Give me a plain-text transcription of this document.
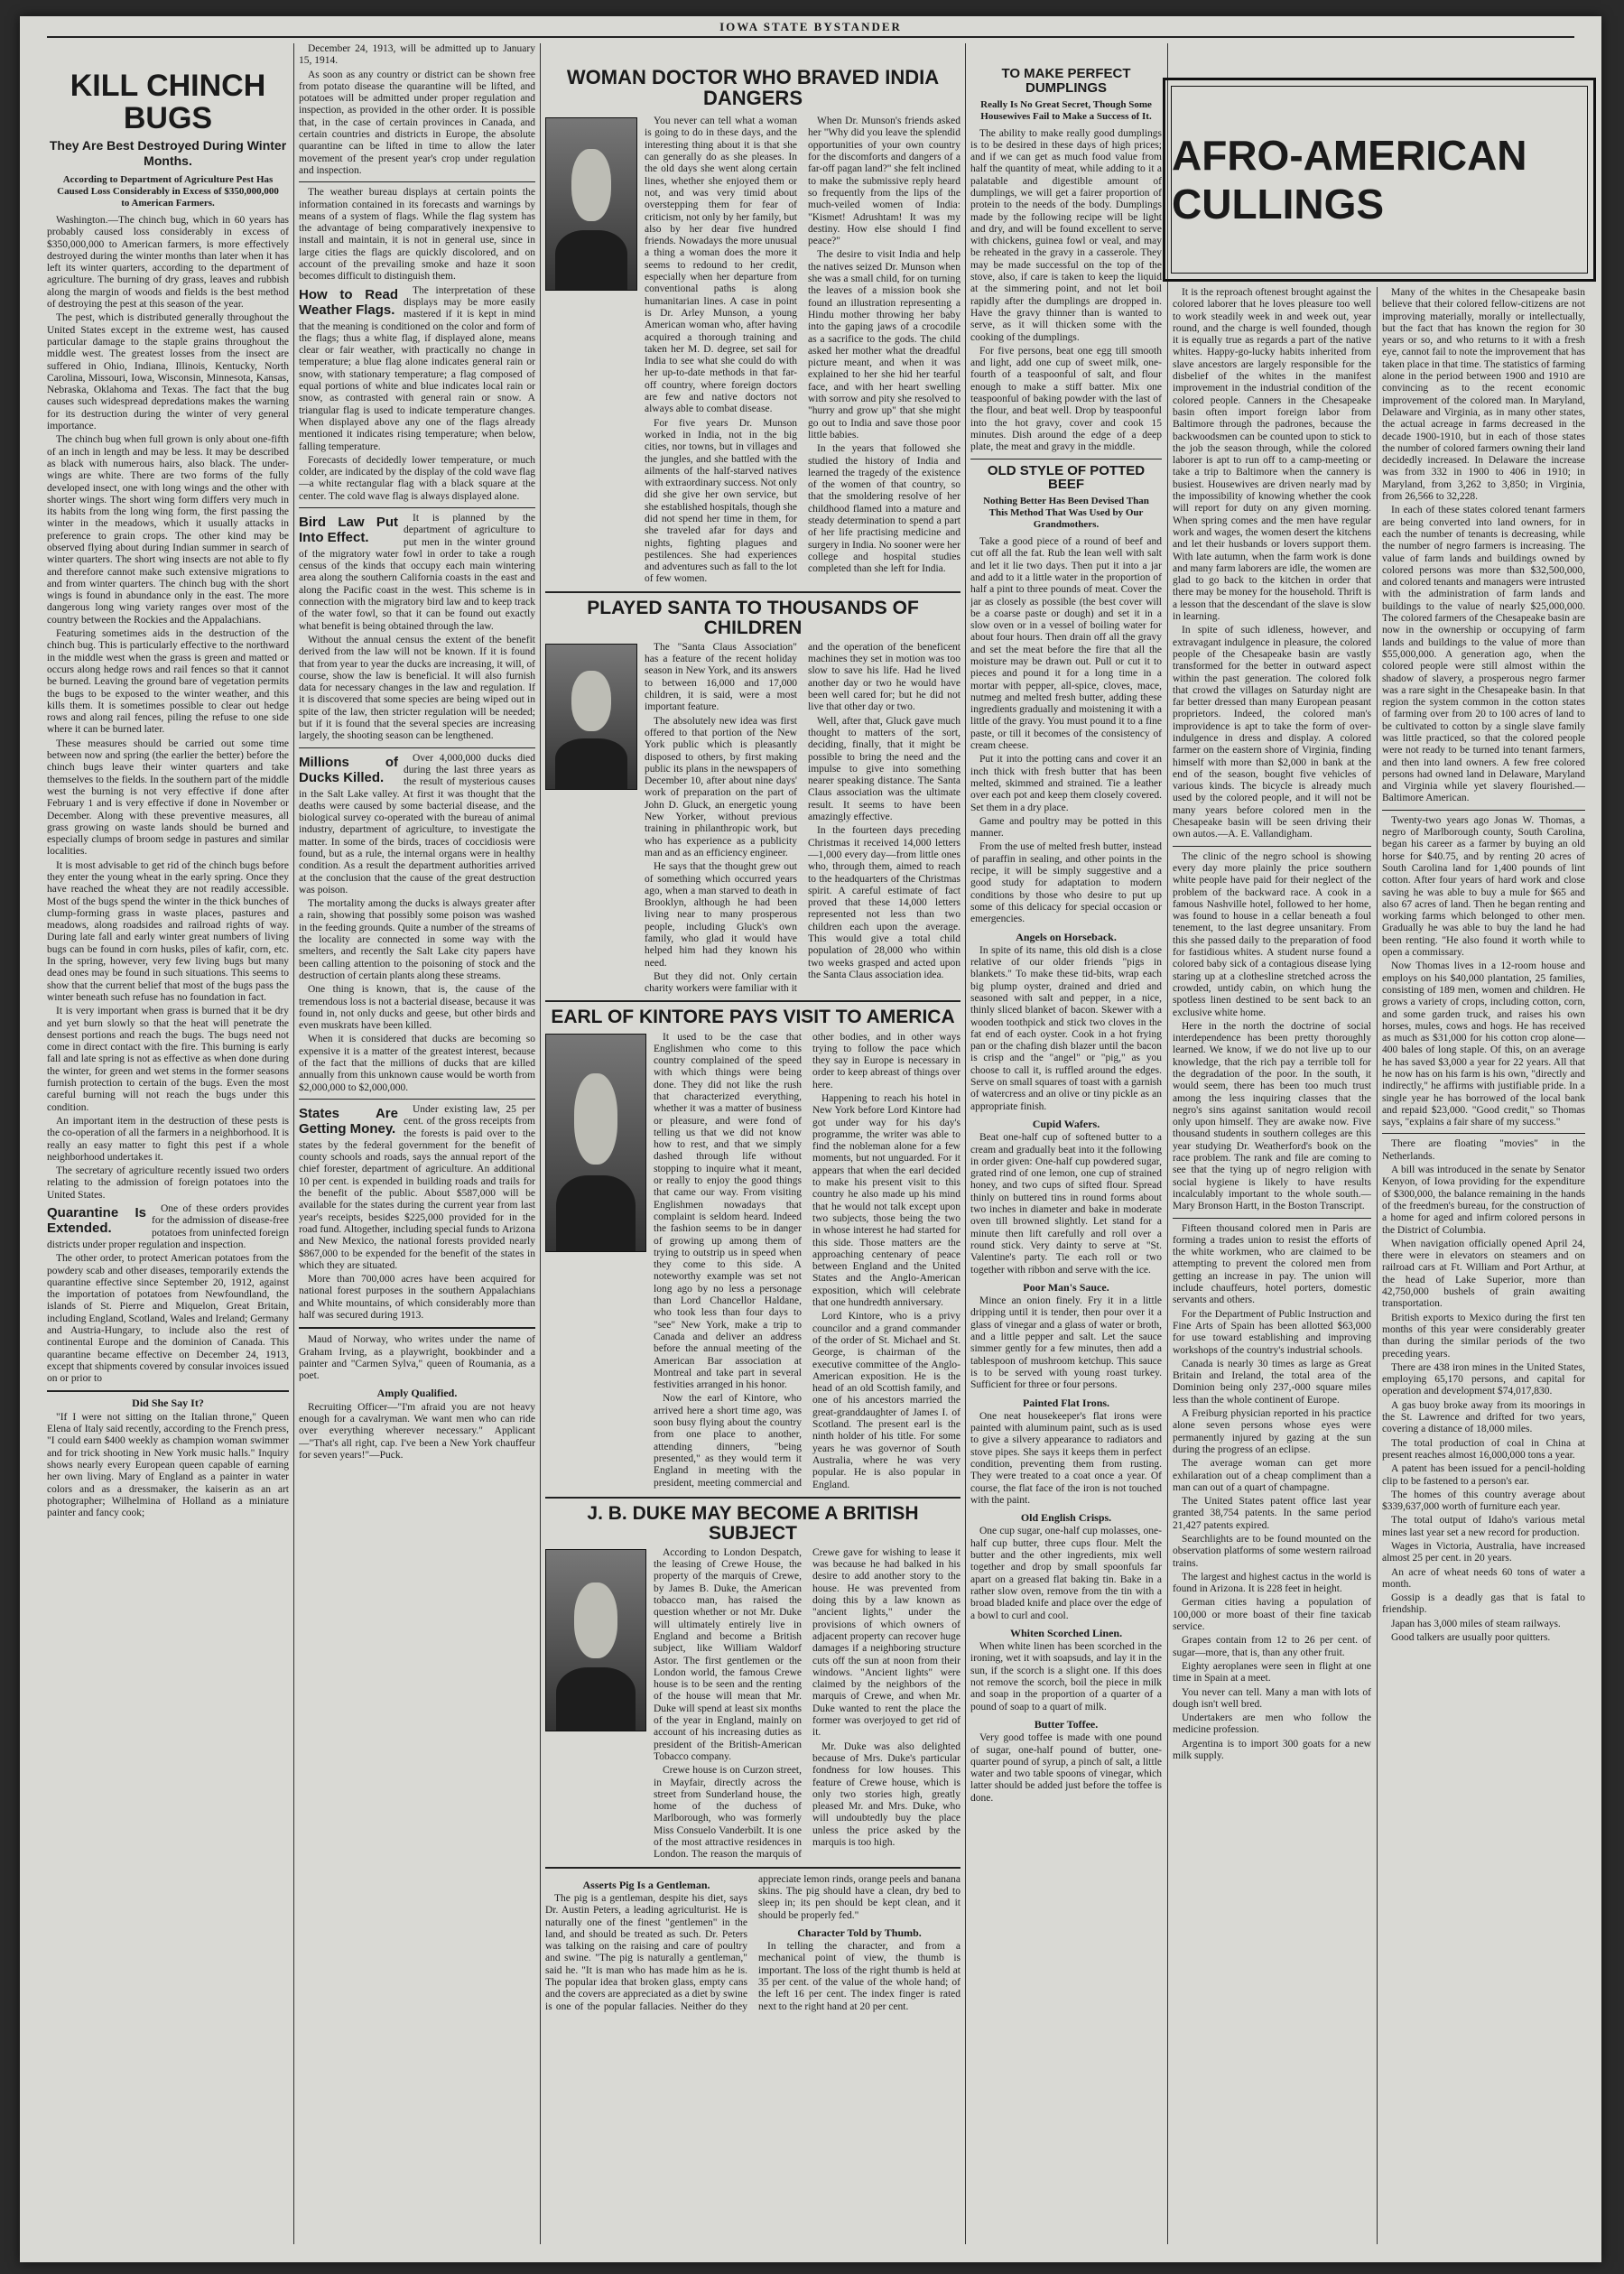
IOWA STATE BYSTANDER
KILL CHINCH BUGS
They Are Best Destroyed During Winter Months.
According to Department of Agriculture Pest Has Caused Loss Considerably in Excess of $350,000,000 to American Farmers.

Washington.—The chinch bug, which in 60 years has probably caused loss considerably in excess of $350,000,000 to American farmers, is more effectively destroyed during the winter months than later when it has left its winter quarters, according to the department of agriculture. The burning of dry grass, leaves and rubbish along the margin of woods and fields is the best method of destroying the pest at this season of the year.

The pest, which is distributed generally throughout the United States except in the extreme west, has caused particular damage to the staple grains throughout the middle west. The greatest losses from the insect are suffered in Ohio, Indiana, Illinois, Kentucky, North Carolina, Missouri, Iowa, Wisconsin, Minnesota, Kansas, Nebraska, Oklahoma and Texas. The fact that the bug causes such widespread depredations makes the warning for its destruction during the winter of very general importance.

The chinch bug when full grown is only about one-fifth of an inch in length and may be less. It may be described as black with numerous hairs, also black. The under-wings are white. There are two forms of the fully developed insect, one with long wings and the other with shorter wings. The short wing form differs very much in its habits from the long wing form, the first passing the winter in the meadows, which it usually attacks in preference to grain crops. The other kind may be observed flying about during Indian summer in search of winter quarters. The short wing insects are not able to fly and therefore cannot make such extensive migrations to and from winter quarters. The chinch bug with the short wings is found in abundance only in the east. The more dangerous long wing variety ranges over most of the country between the Rockies and the Appalachians.

Featuring sometimes aids in the destruction of the chinch bug. This is particularly effective to the northward in the middle west when the grass is green and matted or occurs along hedge rows and rail fences so that it cannot be burned. Leaving the ground bare of vegetation permits the bugs to be exposed to the winter weather, and this kills them. It is sometimes possible to clear out hedge rows and along rail fences, piling the refuse to one side where it can be burned later.

These measures should be carried out some time between now and spring (the earlier the better) before the chinch bugs leave their winter quarters and take themselves to the fields. In the southern part of the middle west the burning is not very effective if done after February 1 and is very effective if done in November or December. Along with these preventive measures, all grass growing on waste lands should be burned and especially clumps of broom sedge in pastures and similar localities.

It is most advisable to get rid of the chinch bugs before they enter the young wheat in the early spring. Once they have reached the wheat they are not readily accessible. Most of the bugs spend the winter in the thick bunches of clump-forming grass in waste places, pastures and meadows, along roadsides and railroad rights of way. During late fall and early winter great numbers of living bugs can be found in corn husks, piles of kafir, corn, etc. In the spring, however, very few living bugs but many dead ones may be found in such situations. This seems to show that the current belief that most of the bugs pass the winter beneath such refuse has no foundation in fact.

It is very important when grass is burned that it be dry and yet burn slowly so that the heat will penetrate the densest portions and reach the bugs. The bugs need not come in direct contact with the fire. This burning is early fall and late spring is not as effective as when done during the winter, for green and wet stems in the former seasons furnish protection to certain of the bugs. Even the most careful burning will not reach the bugs under this condition.

An important item in the destruction of these pests is the co-operation of all the farmers in a neighborhood. It is really an easy matter to fight this pest if a whole neighborhood undertakes it.

The secretary of agriculture recently issued two orders relating to the admission of foreign potatoes into the United States.

Quarantine Is Extended.

One of these orders provides for the admission of disease-free potatoes from uninfected foreign districts under proper regulation and inspection.

The other order, to protect American potatoes from the powdery scab and other diseases, temporarily extends the quarantine effective since September 20, 1912, against the importation of potatoes from Newfoundland, the islands of St. Pierre and Miquelon, Great Britain, including England, Scotland, Wales and Ireland; Germany and Austria-Hungary, to include also the rest of continental Europe and the dominion of Canada. This quarantine became effective on December 24, 1913, except that shipments covered by consular invoices issued on or prior to

Did She Say It?

"If I were not sitting on the Italian throne," Queen Elena of Italy said recently, according to the French press, "I could earn $400 weekly as champion woman swimmer and for trick shooting in New York music halls." Inquiry shows nearly every European queen capable of earning her own living. Mary of England as a painter in water colors and as a dressmaker, the kaiserin as an art photographer; Wilhelmina of Holland as a miniature painter and fancy cook;

December 24, 1913, will be admitted up to January 15, 1914.

As soon as any country or district can be shown free from potato disease the quarantine will be lifted, and potatoes will be admitted under proper regulation and inspection, as provided in the other order. It is possible that, in the case of certain provinces in Canada, and certain countries and districts in Europe, the absolute quarantine can be lifted in time to allow the later movement of the present year's crop under regulation and inspection.

The weather bureau displays at certain points the information contained in its forecasts and warnings by means of a system of flags. While the flag system has the advantage of being comparatively inexpensive to install and maintain, it is not in general use, since in large cities the flags are quickly discolored, and on account of the prevailing smoke and haze it soon becomes difficult to distinguish them.

How to Read Weather Flags.

The interpretation of these displays may be more easily mastered if it is kept in mind that the meaning is conditioned on the color and form of the flags; thus a white flag, if displayed alone, means clear or fair weather, with practically no change in temperature; a blue flag alone indicates general rain or snow, with stationary temperature; a flag composed of equal portions of white and blue indicates local rain or snow, as contrasted with general rain or snow. A triangular flag is used to indicate temperature changes. When displayed above any one of the flags already mentioned it indicates rising temperature; when below, falling temperature.

Forecasts of decidedly lower temperature, or much colder, are indicated by the display of the cold wave flag—a white rectangular flag with a black square at the center. The cold wave flag is always displayed alone.

Bird Law Put Into Effect.

It is planned by the department of agriculture to put men in the winter ground of the migratory water fowl in order to take a rough census of the kinds that occupy each main wintering area along the southern California coasts in the east and along the Pacific coast in the west. This scheme is in connection with the migratory bird law and to keep track of the water fowl, so that it can be found out exactly what benefit is being obtained through the law.

Without the annual census the extent of the benefit derived from the law will not be known. If it is found that from year to year the ducks are increasing, it will, of course, show the law is beneficial. It will also furnish data for necessary changes in the law and regulation. If it is discovered that some species are being wiped out in spite of the law, then stricter regulation will be needed; but if it is found that the several species are increasing largely, the shooting season can be lengthened.

Millions of Ducks Killed.

Over 4,000,000 ducks died during the last three years as the result of mysterious causes in the Salt Lake valley. At first it was thought that the deaths were caused by some bacterial disease, and the biological survey co-operated with the bureau of animal industry, department of agriculture, to investigate the matter. In some of the birds, traces of coccidiosis were found, but as a rule, the internal organs were in healthy condition. As a result the department authorities arrived at the conclusion that the cause of the great destruction was poison.

The mortality among the ducks is always greater after a rain, showing that possibly some poison was washed in the feeding grounds. Quite a number of the streams of the locality are connected in some way with the smelters, and recently the Salt Lake city papers have been calling attention to the poisoning of stock and the destruction of certain plants along these streams.

One thing is known, that is, the cause of the tremendous loss is not a bacterial disease, because it was found in, not only ducks and geese, but other birds and even muskrats have been killed.

When it is considered that ducks are becoming so expensive it is a matter of the greatest interest, because of the fact that the millions of ducks that are killed annually from this unknown cause would be worth from $2,000,000 to $2,000,000.

States Are Getting Money.

Under existing law, 25 per cent. of the gross receipts from the forests is paid over to the states by the federal government for the benefit of county schools and roads, says the annual report of the chief forester, department of agriculture. An additional 10 per cent. is expended in building roads and trails for the benefit of the public. About $587,000 will be available for the states during the current year from last year's receipts, besides $225,000 provided for in the road fund. Altogether, including special funds to Arizona and New Mexico, the national forests provided nearly $867,000 to be expended for the benefit of the states in which they are situated.

More than 700,000 acres have been acquired for national forest purposes in the southern Appalachians and White mountains, of which considerably more than half was secured during 1913.

Maud of Norway, who writes under the name of Graham Irving, as a playwright, bookbinder and a painter and "Carmen Sylva," queen of Roumania, as a poet.

Amply Qualified.

Recruiting Officer—"I'm afraid you are not heavy enough for a cavalryman. We want men who can ride over everything wherever necessary." Applicant—"That's all right, cap. I've been a New York chauffeur for seven years!"—Puck.

WOMAN DOCTOR WHO BRAVED INDIA DANGERS

You never can tell what a woman is going to do in these days, and the interesting thing about it is that she can generally do as she pleases. In the old days she went along certain lines, whether she enjoyed them or not, and was very timid about overstepping them for fear of criticism, not only by her family, but also by her dear five hundred friends. Nowadays the more unusual a thing a woman does the more it seems to redound to her credit, especially when her departure from conventional paths is along humanitarian lines. A case in point is Dr. Arley Munson, a young American woman who, after having acquired a thorough training and taken her M. D. degree, set sail for India to see what she could do with her up-to-date methods in that far-off country, where foreign doctors are few and native doctors not always able to combat disease.

For five years Dr. Munson worked in India, not in the big cities, nor towns, but in villages and the jungles, and she battled with the ailments of the half-starved natives with extraordinary success. Not only did she give her own service, but she established hospitals, though she did not spend her time in them, for she traveled afar for days and nights, fighting plagues and pestilences. She had experiences and adventures such as fall to the lot of few women.

When Dr. Munson's friends asked her "Why did you leave the splendid opportunities of your own country for the discomforts and dangers of a far-off pagan land?" she felt inclined to make the submissive reply heard so frequently from the lips of the much-veiled women of India: "Kismet! Adrushtam! It was my destiny. How else should I find peace?"

The desire to visit India and help the natives seized Dr. Munson when she was a small child, for on turning the leaves of a mission book she found an illustration representing a Hindu mother throwing her baby into the gaping jaws of a crocodile as a sacrifice to the gods. The child asked her mother what the dreadful picture meant, and when it was explained to her she hid her tearful face, and with her heart swelling with sorrow and pity she resolved to "hurry and grow up" that she might go out to India and save those poor little babies.

In the years that followed she studied the history of India and learned the tragedy of the existence of the women of that country, so that the smoldering resolve of her childhood flamed into a mature and steady determination to spend a part of her life practising medicine and surgery in India. No sooner were her college and hospital studies completed than she left for India.

PLAYED SANTA TO THOUSANDS OF CHILDREN

The "Santa Claus Association" has a feature of the recent holiday season in New York, and its answers to between 16,000 and 17,000 children, it is said, were a most important feature.

The absolutely new idea was first offered to that portion of the New York public which is pleasantly disposed to others, by first making public its plans in the newspapers of December 10, after about nine days' work of preparation on the part of John D. Gluck, an energetic young New Yorker, without previous training in philanthropic work, but who has experience as a publicity man and as an efficiency engineer.

He says that the thought grew out of something which occurred years ago, when a man starved to death in Brooklyn, although he had been living near to many prosperous people, including Gluck's own family, who glad it would have helped him had they known his need.

But they did not. Only certain charity workers were familiar with it and the operation of the beneficent machines they set in motion was too slow to save his life. Had he lived another day or two he would have been well cared for; but he did not live that other day or two.

Well, after that, Gluck gave much thought to matters of the sort, deciding, finally, that it might be possible to bring the need and the impulse to give into something nearer speaking distance. The Santa Claus association was the ultimate result. It seems to have been amazingly effective.

In the fourteen days preceding Christmas it received 14,000 letters—1,000 every day—from little ones who, through them, aimed to reach to the headquarters of the Christmas spirit. A careful estimate of fact proved that these 14,000 letters represented not less than two children each upon the average. This would give a total child population of 28,000 who within two weeks grasped and acted upon the Santa Claus association idea.

EARL OF KINTORE PAYS VISIT TO AMERICA

It used to be the case that Englishmen who come to this country complained of the speed with which things were being done. They did not like the rush that characterized everything, whether it was a matter of business or pleasure, and were fond of telling us that we did not know how to rest, and that we simply dashed through life without stopping to inquire what it meant, or really to enjoy the good things that came our way. From visiting Englishmen nowadays that complaint is seldom heard. Indeed the fashion seems to be in danger of growing up among them of trying to outstrip us in speed when they come to this side. A noteworthy example was set not long ago by no less a personage than Lord Chancellor Haldane, who took less than four days to "see" New York, make a trip to Canada and deliver an address before the annual meeting of the American Bar association at Montreal and take part in several festivities arranged in his honor.

Now the earl of Kintore, who arrived here a short time ago, was soon busy flying about the country from one place to another, attending dinners, "being presented," as they would term it England in meeting with the president, meeting commercial and other bodies, and in other ways trying to follow the pace which they say in Europe is necessary in order to keep abreast of things over here.

Happening to reach his hotel in New York before Lord Kintore had got under way for his day's programme, the writer was able to find the nobleman alone for a few moments, but not unguarded. For it appears that when the earl decided to make his present visit to this country he also made up his mind that he would not talk except upon two subjects, those being the two in whose interest he had started for this side. Those matters are the approaching centenary of peace between England and the United States and the Anglo-American exposition, which will celebrate that one hundredth anniversary.

Lord Kintore, who is a privy councilor and a grand commander of the order of St. Michael and St. George, is chairman of the executive committee of the Anglo-American exposition. He is the head of an old Scottish family, and one of his ancestors married the great-granddaughter of James I. of Scotland. The present earl is the ninth holder of his title. For some years he was governor of South Australia, where he was very popular. He is also popular in England.

J. B. DUKE MAY BECOME A BRITISH SUBJECT

According to London Despatch, the leasing of Crewe House, the property of the marquis of Crewe, by James B. Duke, the American tobacco man, has raised the question whether or not Mr. Duke will ultimately entirely live in England and become a British subject, like William Waldorf Astor. The first gentlemen or the London world, the famous Crewe house is to be seen and the renting of the house will mean that Mr. Duke will spend at least six months of the year in England, mainly on account of his increasing duties as president of the British-American Tobacco company.

Crewe house is on Curzon street, in Mayfair, directly across the street from Sunderland house, the home of the duchess of Marlborough, who was formerly Miss Consuelo Vanderbilt. It is one of the most attractive residences in London. The reason the marquis of Crewe gave for wishing to lease it was because he had balked in his desire to add another story to the house. He was prevented from doing this by a law known as "ancient lights," under the provisions of which owners of adjacent property can recover huge damages if a neighboring structure cuts off the sun at noon from their windows. "Ancient lights" were claimed by the neighbors of the marquis of Crewe, and when Mr. Duke wanted to rent the place the former was overjoyed to get rid of it.

Mr. Duke was also delighted because of Mrs. Duke's particular fondness for low houses. This feature of Crewe house, which is only two stories high, greatly pleased Mr. and Mrs. Duke, who will undoubtedly buy the place unless the price asked by the marquis is too high.

Asserts Pig Is a Gentleman.

The pig is a gentleman, despite his diet, says Dr. Austin Peters, a leading agriculturist. He is naturally one of the finest "gentlemen" in the land, and should be treated as such. Dr. Peters was talking on the raising and care of poultry and swine. "The pig is naturally a gentleman," said he. "It is man who has made him as he is. The popular idea that broken glass, empty cans and the covers are appreciated as a diet by swine is one of the popular fallacies. Neither do they appreciate lemon rinds, orange peels and banana skins. The pig should have a clean, dry bed to sleep in; its pen should be kept clean, and it should be properly fed."

Character Told by Thumb.

In telling the character, and from a mechanical point of view, the thumb is important. The loss of the right thumb is held at 35 per cent. of the value of the whole hand; of the left 16 per cent. The index finger is rated next to the right hand at 20 per cent.

TO MAKE PERFECT DUMPLINGS
Really Is No Great Secret, Though Some Housewives Fail to Make a Success of It.

The ability to make really good dumplings is to be desired in these days of high prices; and if we can get as much food value from half the quantity of meat, while adding to it a palatable and digestible amount of dumplings, we will get a fairer proportion of protein to the needs of the body. Dumplings made by the following recipe will be light and dry, and will be found excellent to serve with chickens, guinea fowl or veal, and may be reheated in the gravy in a casserole. They may be made successful on the top of the stove, also, if care is taken to keep the liquid at the simmering point, and not let boil rapidly after the dumplings are dropped in. Have the gravy thinner than is wanted to serve, as it will thicken some with the cooking of the dumplings.

For five persons, beat one egg till smooth and light, add one cup of sweet milk, one-fourth of a teaspoonful of salt, and flour enough to make a stiff batter. Mix one teaspoonful of baking powder with the last of the flour, and beat well. Drop by teaspoonful into the hot gravy, cover and cook 15 minutes. Dish around the edge of a deep plate, the meat and gravy in the middle.

OLD STYLE OF POTTED BEEF
Nothing Better Has Been Devised Than This Method That Was Used by Our Grandmothers.

Take a good piece of a round of beef and cut off all the fat. Rub the lean well with salt and let it lie two days. Then put it into a jar and add to it a little water in the proportion of half a pint to three pounds of meat. Cover the jar as closely as possible (the best cover will be a coarse paste or dough) and set it in a slow oven or in a vessel of boiling water for about four hours. Then drain off all the gravy and set the meat before the fire that all the moisture may be drawn out. Pull or cut it to pieces and pound it for a long time in a mortar with pepper, all-spice, cloves, mace, nutmeg and melted fresh butter, adding these ingredients gradually and moistening it with a little of the gravy. You must pound it to a fine paste, or till it becomes of the consistency of cream cheese.

Put it into the potting cans and cover it an inch thick with fresh butter that has been melted, skimmed and strained. Tie a leather over each pot and keep them closely covered. Set them in a dry place.

Game and poultry may be potted in this manner.

From the use of melted fresh butter, instead of paraffin in sealing, and other points in the recipe, it will be simply suggestive and a good study for adaptation to modern conditions by those who desire to put up some of this delicacy for special occasion or emergencies.

Angels on Horseback.

In spite of its name, this old dish is a close relative of our older friends "pigs in blankets." To make these tid-bits, wrap each big plump oyster, drained and dried and seasoned with salt and pepper, in a nice, thinly sliced blanket of bacon. Skewer with a wooden toothpick and stick two cloves in the fat end of each oyster. Cook in a hot frying pan or the chafing dish blazer until the bacon is crisp and the "angel" or "pig," as you choose to call it, is ruffled around the edges. Serve on small squares of toast with a garnish of watercress and an olive or tiny pickle as an appropriate finish.

Cupid Wafers.

Beat one-half cup of softened butter to a cream and gradually beat into it the following in order given: One-half cup powdered sugar, grated rind of one lemon, one cup of strained honey, and two cups of sifted flour. Spread thinly on buttered tins in round forms about two inches in diameter and bake in moderate oven till browned slightly. Let stand for a minute then lift carefully and roll over a round stick. Very dainty to serve at "St. Valentine's party. Tie each roll or two together with ribbon and serve with the ice.

Poor Man's Sauce.

Mince an onion finely. Fry it in a little dripping until it is tender, then pour over it a glass of vinegar and a glass of water or broth, and a little pepper and salt. Let the sauce simmer gently for a few minutes, then add a tablespoon of mushroom ketchup. This sauce is to be served with young roast turkey. Sufficient for three or four persons.

Painted Flat Irons.

One neat housekeeper's flat irons were painted with aluminum paint, such as is used to give a silvery appearance to radiators and stove pipes. She says it keeps them in perfect condition, preventing them from rusting. They were treated to a coat once a year. Of course, the flat face of the iron is not touched with the paint.

Old English Crisps.

One cup sugar, one-half cup molasses, one-half cup butter, three cups flour. Melt the butter and the other ingredients, mix well together and drop by small spoonfuls far apart on a greased flat baking tin. Bake in a rather slow oven, remove from the tin with a broad bladed knife and place over the edge of a bowl to curl and cool.

Whiten Scorched Linen.

When white linen has been scorched in the ironing, wet it with soapsuds, and lay it in the sun, if the scorch is a slight one. If this does not remove the scorch, boil the piece in milk and soap in the proportion of a quarter of a pound of soap to a quart of milk.

Butter Toffee.

Very good toffee is made with one pound of sugar, one-half pound of butter, one-quarter pound of syrup, a pinch of salt, a little water and two table spoons of vinegar, which latter should be added just before the toffee is done.

AFRO-AMERICAN CULLINGS

It is the reproach oftenest brought against the colored laborer that he loves pleasure too well to work steadily week in and week out, year round, and the charge is well founded, though it is equally true as regards a part of the native whites. Happy-go-lucky habits inherited from slave ancestors are largely responsible for the disbelief of the whites in the manifest improvement in the industrial condition of the colored people. Canners in the Chesapeake basin often import foreign labor from Baltimore through the padrones, because the backwoodsmen can be counted upon to stick to the job the season through, while the colored laborer is apt to run off to a camp-meeting or take a trip to Baltimore when the cannery is busiest. Housewives are driven nearly mad by the impossibility of knowing whether the cook will report for duty on any given morning. When spring comes and the men have regular work and wages, the women desert the kitchens and let their husbands or lovers support them. With late autumn, when the farm work is done and many farm laborers are idle, the women are glad to go back to the kitchen in order that there may be money for the household. Thrift is a lesson that the descendant of the slave is slow in learning.

In spite of such idleness, however, and extravagant indulgence in pleasure, the colored people of the Chesapeake basin are vastly transformed for the better in outward aspect within the past generation. The colored folk that crowd the villages on Saturday night are far better dressed than many European peasant proprietors. Indeed, the colored man's improvidence is apt to take the form of over-indulgence in dress and display. A colored farmer on the eastern shore of Virginia, finding himself with more than $2,000 in bank at the end of the season, bought five vehicles of various kinds. The bicycle is already much used by the colored people, and it will not be many years before colored men in the Chesapeake basin will be seen driving their own autos.—A. E. Vallandigham.

The clinic of the negro school is showing every day more plainly the price southern white people have paid for their neglect of the problem of the backward race. A cook in a famous Nashville hotel, followed to her home, was found to house in a cellar beneath a foul tenement, to the last degree unsanitary. From this she passed daily to the preparation of food for fastidious whites. A student nurse found a colored baby sick of a contagious disease lying staring up at a clothesline stretched across the crowded, untidy cabin, on which hung the spotless linen destined to be sent back to an exclusive white home.

Here in the north the doctrine of social interdependence has been pretty thoroughly learned. We know, if we do not live up to our knowledge, that the rich pay a terrible toll for the degradation of the poor. In the south, it would seem, there has been too much trust among the less inquiring classes that the negro's sins against sanitation would recoil only upon himself. They are awake now. Five thousand students in southern colleges are this year studying Dr. Weatherford's book on the race problem. The rank and file are coming to see that the tying up of negro religion with social hygiene is likely to have results incalculably important to the whole south.—Mary Bronson Hartt, in the Boston Transcript.

Fifteen thousand colored men in Paris are forming a trades union to resist the efforts of the white workmen, who are claimed to be attempting to prevent the colored men from getting an increase in pay. The union will include chauffeurs, hotel porters, domestic servants and others.

For the Department of Public Instruction and Fine Arts of Spain has been allotted $63,000 for use toward establishing and improving workshops of the country's industrial schools.

Canada is nearly 30 times as large as Great Britain and Ireland, the total area of the Dominion being only 237,-000 square miles less than the whole continent of Europe.

A Freiburg physician reported in his practice alone seven persons whose eyes were permanently injured by gazing at the sun during the progress of an eclipse.

The average woman can get more exhilaration out of a cheap compliment than a man can out of a quart of champagne.

The United States patent office last year granted 38,754 patents. In the same period 21,427 patents expired.

Searchlights are to be found mounted on the observation platforms of some western railroad trains.

The largest and highest cactus in the world is found in Arizona. It is 228 feet in height.

German cities having a population of 100,000 or more boast of their fine taxicab service.

Grapes contain from 12 to 26 per cent. of sugar—more, that is, than any other fruit.

Eighty aeroplanes were seen in flight at one time in Spain at a meet.

You never can tell. Many a man with lots of dough isn't well bred.

Undertakers are men who follow the medicine profession.

Argentina is to import 300 goats for a new milk supply.

Many of the whites in the Chesapeake basin believe that their colored fellow-citizens are not improving materially, morally or intellectually, but the fact that has known the region for 30 years or so, and who returns to it with a fresh eye, cannot fail to note the improvement that has taken place in that time. The statistics of farming alone in the period between 1900 and 1910 are convincing as to the recent economic improvement of the colored man. In Maryland, Delaware and Virginia, as in many other states, the actual acreage in farms decreased in the decade 1900-1910, but in each of those states the number of colored farmers owning their land decidedly increased. In Delaware the increase was from 332 in 1900 to 406 in 1910; in Maryland, from 3,262 to 3,850; in Virginia, from 26,566 to 32,228.

In each of these states colored tenant farmers are being converted into land owners, for in each the number of tenants is decreasing, while the number of negro farmers is increasing. The value of farm lands and buildings owned by colored persons was more than $32,500,000, and colored tenants and managers were intrusted with the administration of farm lands and buildings to the value of nearly $25,000,000. The colored farmers of the Chesapeake basin are now in the ownership or occupying of farm lands and buildings to the value of more than $55,000,000. A generation ago, when the colored people were still almost within the shadow of slavery, a prosperous negro farmer was a rare sight in the Chesapeake basin. In that region the system common in the cotton states of farming over from 20 to 100 acres of land to be cultivated to cotton by a single slave family was little practiced, so that the colored people were not ready to be turned into tenant farmers, and then into land owners. A few free colored persons had owned land in Delaware, Maryland and Virginia while yet slavery flourished.—Baltimore American.

Twenty-two years ago Jonas W. Thomas, a negro of Marlborough county, South Carolina, began his career as a farmer by buying an old horse for $40.75, and by renting 20 acres of South Carolina land for 1,400 pounds of lint cotton. After four years of hard work and close saving he was able to buy a mule for $65 and also 67 acres of land. Then he began renting and working farms which belonged to other men. Gradually he was able to buy the land he had been renting. "He also found it worth while to open a commissary.

Now Thomas lives in a 12-room house and employs on his $40,000 plantation, 25 families, consisting of 189 men, women and children. He grows a variety of crops, including cotton, corn, and some garden truck, and raises his own horses, mules, cows and hogs. He has received as much as $31,000 for his cotton crop alone—400 bales of long staple. Of this, on an average he has saved $3,000 a year for 22 years. All that he now has on his farm is his own, "directly and indirectly," he affirms with justifiable pride. In a single year he has borrowed of the local bank and repaid $23,000. "Good credit," so Thomas says, "explains a fair share of my success."

There are floating "movies" in the Netherlands.

A bill was introduced in the senate by Senator Kenyon, of Iowa providing for the expenditure of $300,000, the balance remaining in the hands of the freedmen's bureau, for the construction of a home for aged and infirm colored persons in the District of Columbia.

When navigation officially opened April 24, there were in elevators on steamers and on railroad cars at Ft. William and Port Arthur, at the head of Lake Superior, more than 42,750,000 bushels of grain awaiting transportation.

British exports to Mexico during the first ten months of this year were considerably greater than during the similar periods of the two preceding years.

There are 438 iron mines in the United States, employing 65,170 persons, and capital for operation and development $74,017,830.

A gas buoy broke away from its moorings in the St. Lawrence and drifted for two years, covering a distance of 18,000 miles.

The total production of coal in China at present reaches almost 16,000,000 tons a year.

A patent has been issued for a pencil-holding clip to be fastened to a person's ear.

The homes of this country average about $339,637,000 worth of furniture each year.

The total output of Idaho's various metal mines last year set a new record for production.

Wages in Victoria, Australia, have increased almost 25 per cent. in 20 years.

An acre of wheat needs 60 tons of water a month.

Gossip is a deadly gas that is fatal to friendship.

Japan has 3,000 miles of steam railways.

Good talkers are usually poor quitters.
